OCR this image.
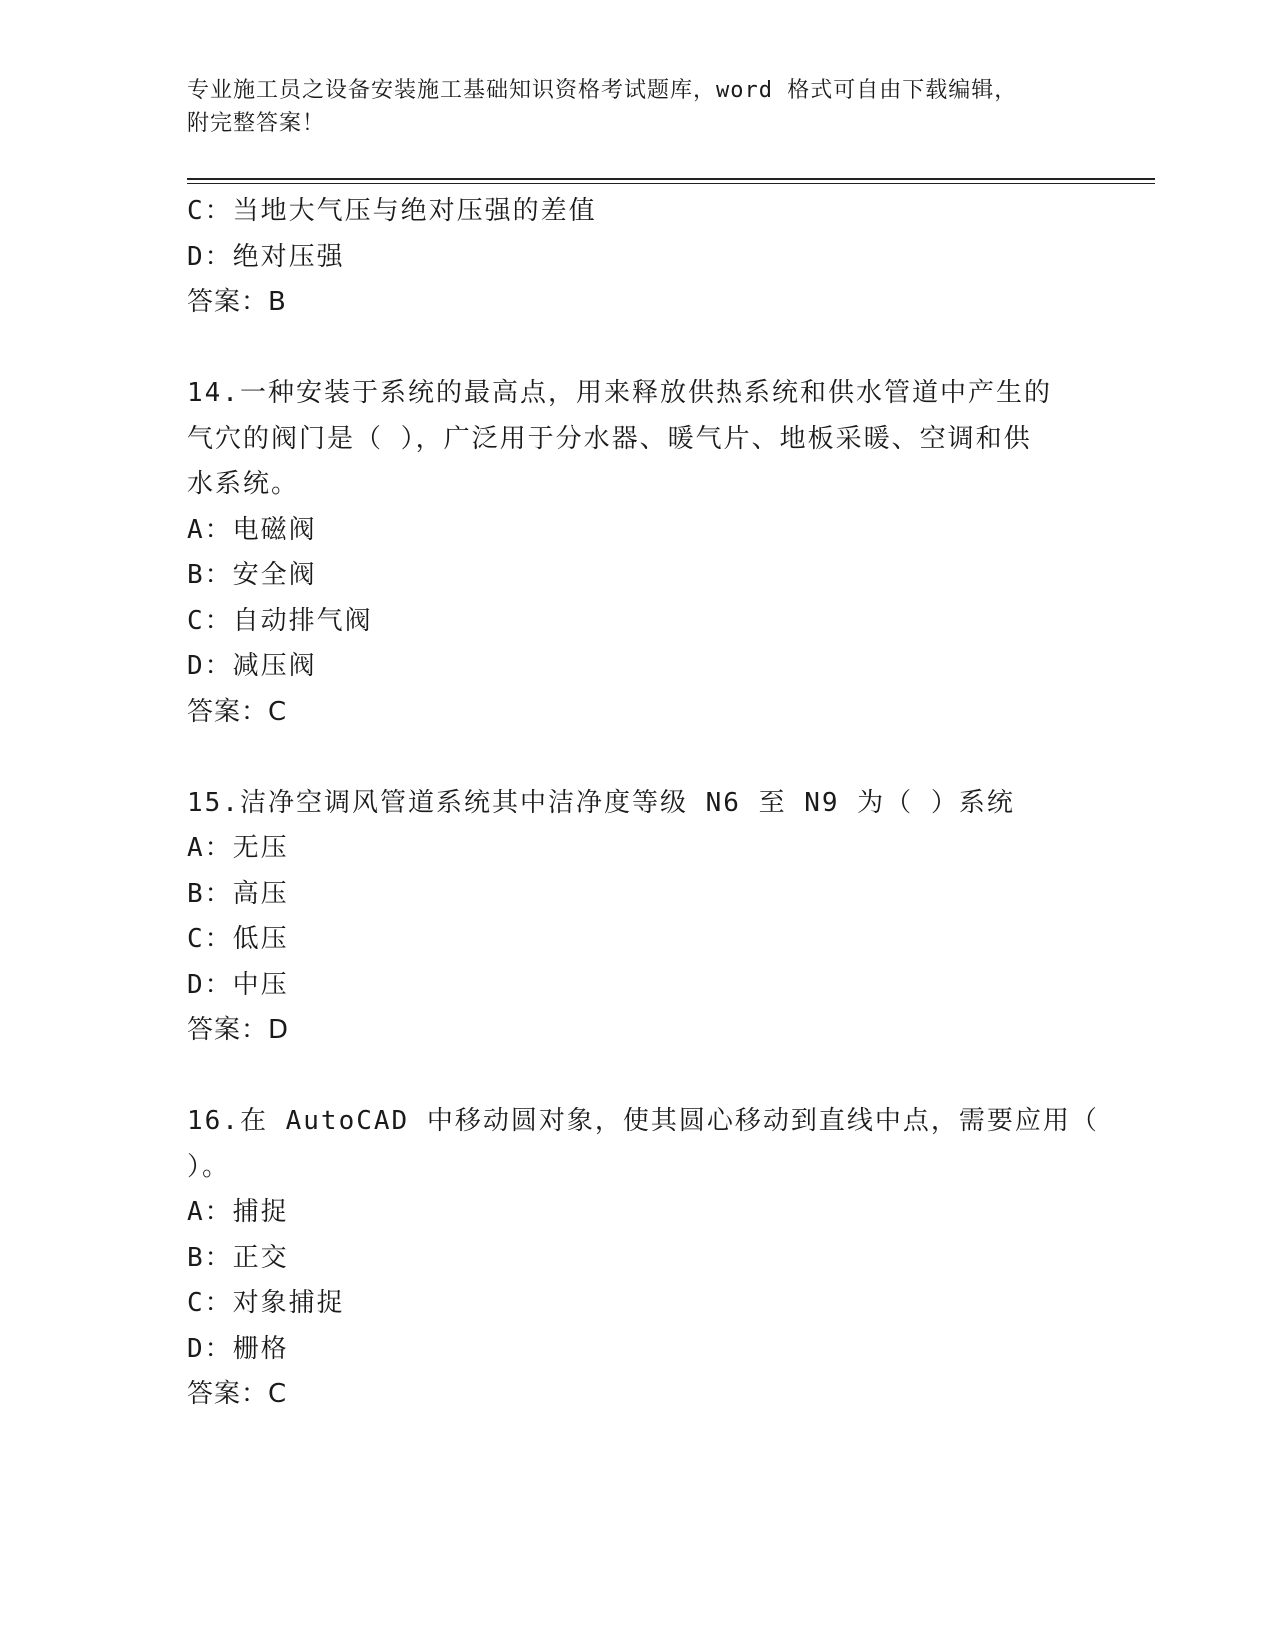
专业施工员之设备安装施工基础知识资格考试题库，word 格式可自由下载编辑，
附完整答案！
C：当地大气压与绝对压强的差值
D：绝对压强
答案：B
14.一种安装于系统的最高点，用来释放供热系统和供水管道中产生的
气穴的阀门是（ ），广泛用于分水器、暖气片、地板采暖、空调和供
水系统。
A：电磁阀
B：安全阀
C：自动排气阀
D：减压阀
答案：C
15.洁净空调风管道系统其中洁净度等级 N6 至 N9 为（ ）系统
A：无压
B：高压
C：低压
D：中压
答案：D
16.在 AutoCAD 中移动圆对象，使其圆心移动到直线中点，需要应用（
）。
A：捕捉
B：正交
C：对象捕捉
D：栅格
答案：C
